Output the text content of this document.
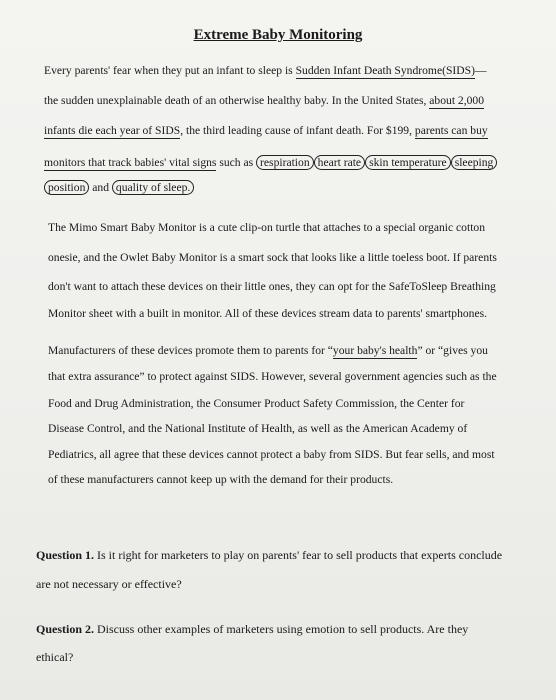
Extreme Baby Monitoring
Every parents' fear when they put an infant to sleep is Sudden Infant Death Syndrome(SIDS)—
the sudden unexplainable death of an otherwise healthy baby. In the United States, about 2,000
infants die each year of SIDS, the third leading cause of infant death. For $199, parents can buy
monitors that track babies' vital signs such as respiration heart rate skin temperature sleeping
position and quality of sleep.
The Mimo Smart Baby Monitor is a cute clip-on turtle that attaches to a special organic cotton
onesie, and the Owlet Baby Monitor is a smart sock that looks like a little toeless boot. If parents
don't want to attach these devices on their little ones, they can opt for the SafeToSleep Breathing
Monitor sheet with a built in monitor. All of these devices stream data to parents' smartphones.
Manufacturers of these devices promote them to parents for “your baby's health” or “gives you
that extra assurance” to protect against SIDS. However, several government agencies such as the
Food and Drug Administration, the Consumer Product Safety Commission, the Center for
Disease Control, and the National Institute of Health, as well as the American Academy of
Pediatrics, all agree that these devices cannot protect a baby from SIDS. But fear sells, and most
of these manufacturers cannot keep up with the demand for their products.
Question 1. Is it right for marketers to play on parents' fear to sell products that experts conclude
are not necessary or effective?
Question 2. Discuss other examples of marketers using emotion to sell products. Are they
ethical?
